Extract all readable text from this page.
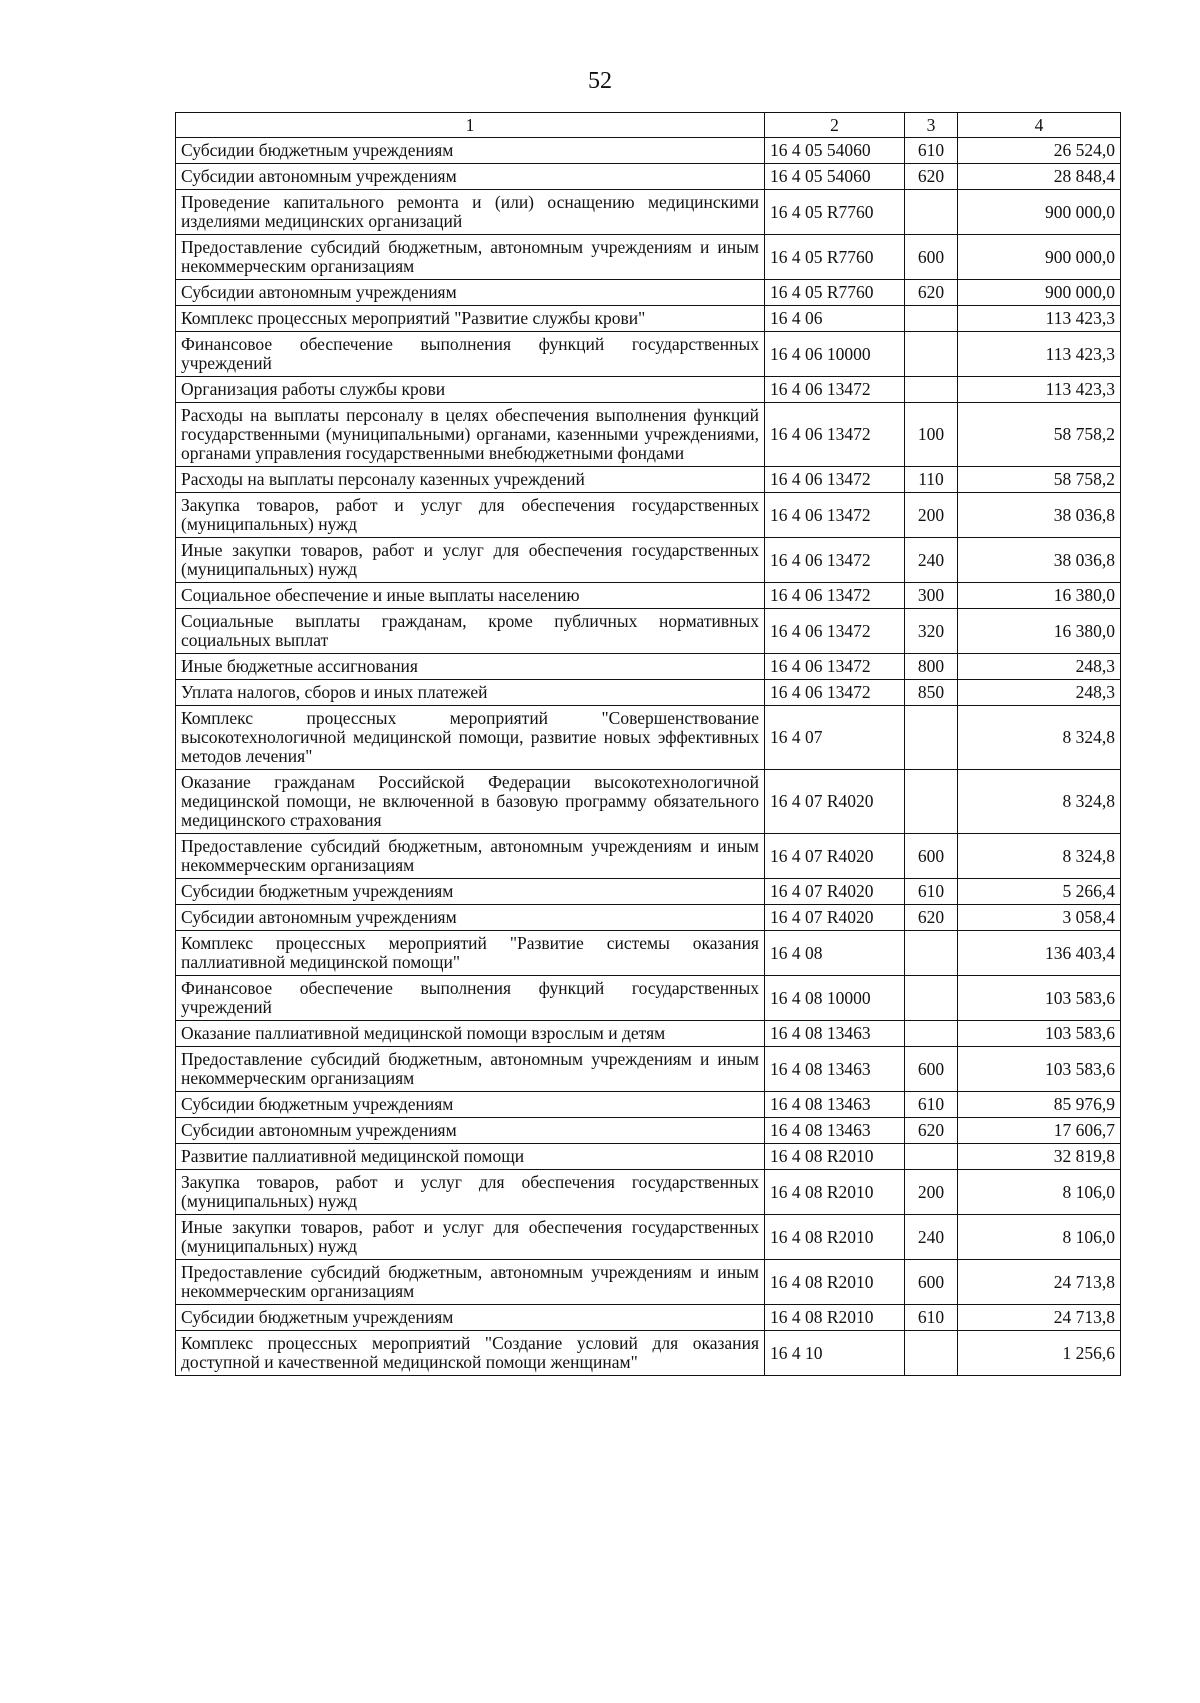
52
1	2	3	4
Субсидии бюджетным учреждениям	16 4 05 54060	610	26 524,0
Субсидии автономным учреждениям	16 4 05 54060	620	28 848,4
Проведение капитального ремонта и (или) оснащению медицинскими изделиями медицинских организаций	16 4 05 R7760		900 000,0
Предоставление субсидий бюджетным, автономным учреждениям и иным некоммерческим организациям	16 4 05 R7760	600	900 000,0
Субсидии автономным учреждениям	16 4 05 R7760	620	900 000,0
Комплекс процессных мероприятий "Развитие службы крови"	16 4 06		113 423,3
Финансовое обеспечение выполнения функций государственных учреждений	16 4 06 10000		113 423,3
Организация работы службы крови	16 4 06 13472		113 423,3
Расходы на выплаты персоналу в целях обеспечения выполнения функций государственными (муниципальными) органами, казенными учреждениями, органами управления государственными внебюджетными фондами	16 4 06 13472	100	58 758,2
Расходы на выплаты персоналу казенных учреждений	16 4 06 13472	110	58 758,2
Закупка товаров, работ и услуг для обеспечения государственных (муниципальных) нужд	16 4 06 13472	200	38 036,8
Иные закупки товаров, работ и услуг для обеспечения государственных (муниципальных) нужд	16 4 06 13472	240	38 036,8
Социальное обеспечение и иные выплаты населению	16 4 06 13472	300	16 380,0
Социальные выплаты гражданам, кроме публичных нормативных социальных выплат	16 4 06 13472	320	16 380,0
Иные бюджетные ассигнования	16 4 06 13472	800	248,3
Уплата налогов, сборов и иных платежей	16 4 06 13472	850	248,3
Комплекс процессных мероприятий "Совершенствование высокотехнологичной медицинской помощи, развитие новых эффективных методов лечения"	16 4 07		8 324,8
Оказание гражданам Российской Федерации высокотехнологичной медицинской помощи, не включенной в базовую программу обязательного медицинского страхования	16 4 07 R4020		8 324,8
Предоставление субсидий бюджетным, автономным учреждениям и иным некоммерческим организациям	16 4 07 R4020	600	8 324,8
Субсидии бюджетным учреждениям	16 4 07 R4020	610	5 266,4
Субсидии автономным учреждениям	16 4 07 R4020	620	3 058,4
Комплекс процессных мероприятий "Развитие системы оказания паллиативной медицинской помощи"	16 4 08		136 403,4
Финансовое обеспечение выполнения функций государственных учреждений	16 4 08 10000		103 583,6
Оказание паллиативной медицинской помощи взрослым и детям	16 4 08 13463		103 583,6
Предоставление субсидий бюджетным, автономным учреждениям и иным некоммерческим организациям	16 4 08 13463	600	103 583,6
Субсидии бюджетным учреждениям	16 4 08 13463	610	85 976,9
Субсидии автономным учреждениям	16 4 08 13463	620	17 606,7
Развитие паллиативной медицинской помощи	16 4 08 R2010		32 819,8
Закупка товаров, работ и услуг для обеспечения государственных (муниципальных) нужд	16 4 08 R2010	200	8 106,0
Иные закупки товаров, работ и услуг для обеспечения государственных (муниципальных) нужд	16 4 08 R2010	240	8 106,0
Предоставление субсидий бюджетным, автономным учреждениям и иным некоммерческим организациям	16 4 08 R2010	600	24 713,8
Субсидии бюджетным учреждениям	16 4 08 R2010	610	24 713,8
Комплекс процессных мероприятий "Создание условий для оказания доступной и качественной медицинской помощи женщинам"	16 4 10		1 256,6
